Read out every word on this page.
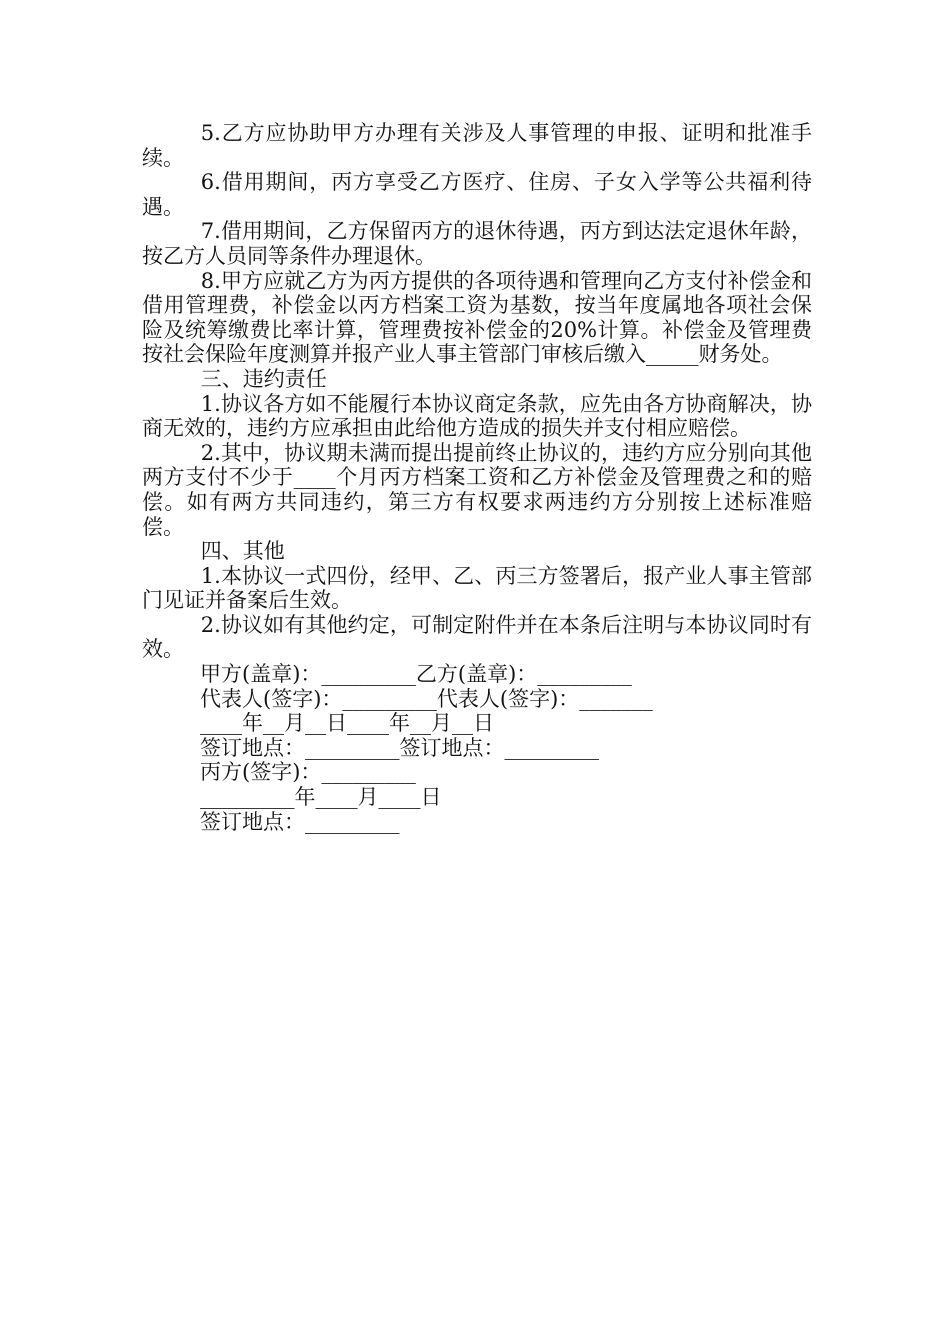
5.乙方应协助甲方办理有关涉及人事管理的申报、证明和批准手续。

6.借用期间，丙方享受乙方医疗、住房、子女入学等公共福利待遇。

7.借用期间，乙方保留丙方的退休待遇，丙方到达法定退休年龄，按乙方人员同等条件办理退休。

8.甲方应就乙方为丙方提供的各项待遇和管理向乙方支付补偿金和借用管理费，补偿金以丙方档案工资为基数，按当年度属地各项社会保险及统筹缴费比率计算，管理费按补偿金的20%计算。补偿金及管理费按社会保险年度测算并报产业人事主管部门审核后缴入_____财务处。

三、违约责任

1.协议各方如不能履行本协议商定条款，应先由各方协商解决，协商无效的，违约方应承担由此给他方造成的损失并支付相应赔偿。

2.其中，协议期未满而提出提前终止协议的，违约方应分别向其他两方支付不少于____个月丙方档案工资和乙方补偿金及管理费之和的赔偿。如有两方共同违约，第三方有权要求两违约方分别按上述标准赔偿。

四、其他

1.本协议一式四份，经甲、乙、丙三方签署后，报产业人事主管部门见证并备案后生效。

2.协议如有其他约定，可制定附件并在本条后注明与本协议同时有效。

甲方(盖章)：_________乙方(盖章)：_________

代表人(签字)：_________代表人(签字)：_______

____年__月__日____年__月__日

签订地点：_________签订地点：_________

丙方(签字)：_________

_________年____月____日

签订地点：_________
